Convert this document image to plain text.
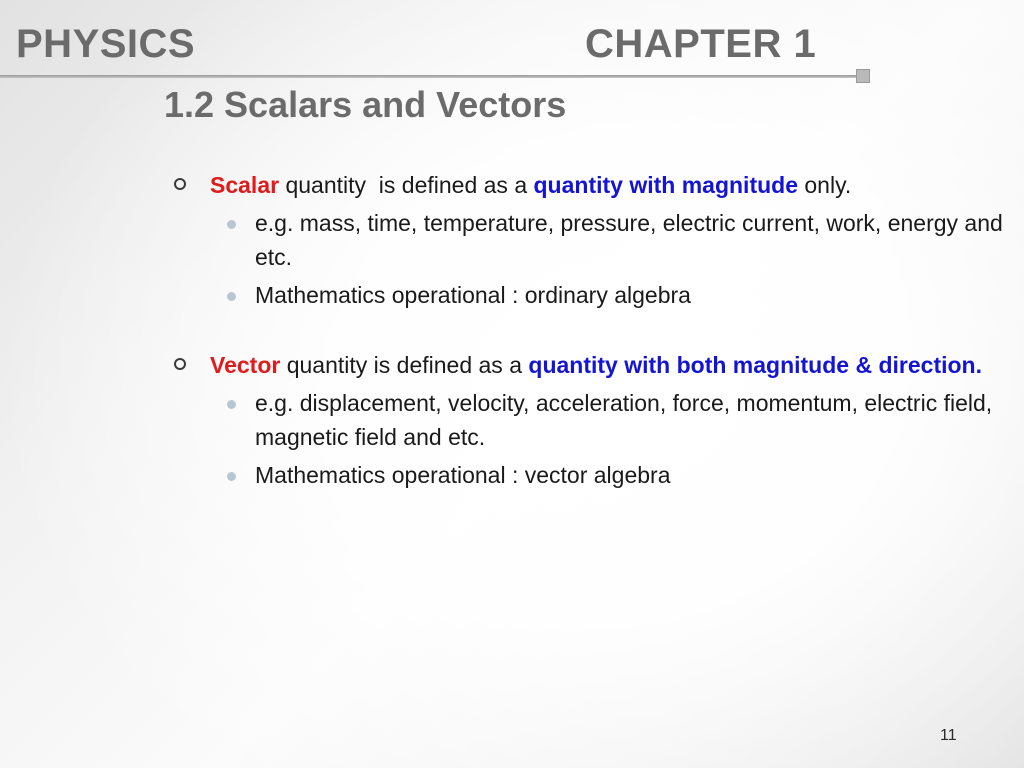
PHYSICS	CHAPTER 1
1.2 Scalars and Vectors
Scalar quantity  is defined as a quantity with magnitude only.
e.g. mass, time, temperature, pressure, electric current, work, energy and etc.
Mathematics operational : ordinary algebra
Vector quantity is defined as a quantity with both magnitude & direction.
e.g. displacement, velocity, acceleration, force, momentum, electric field, magnetic field and etc.
Mathematics operational : vector algebra
11
